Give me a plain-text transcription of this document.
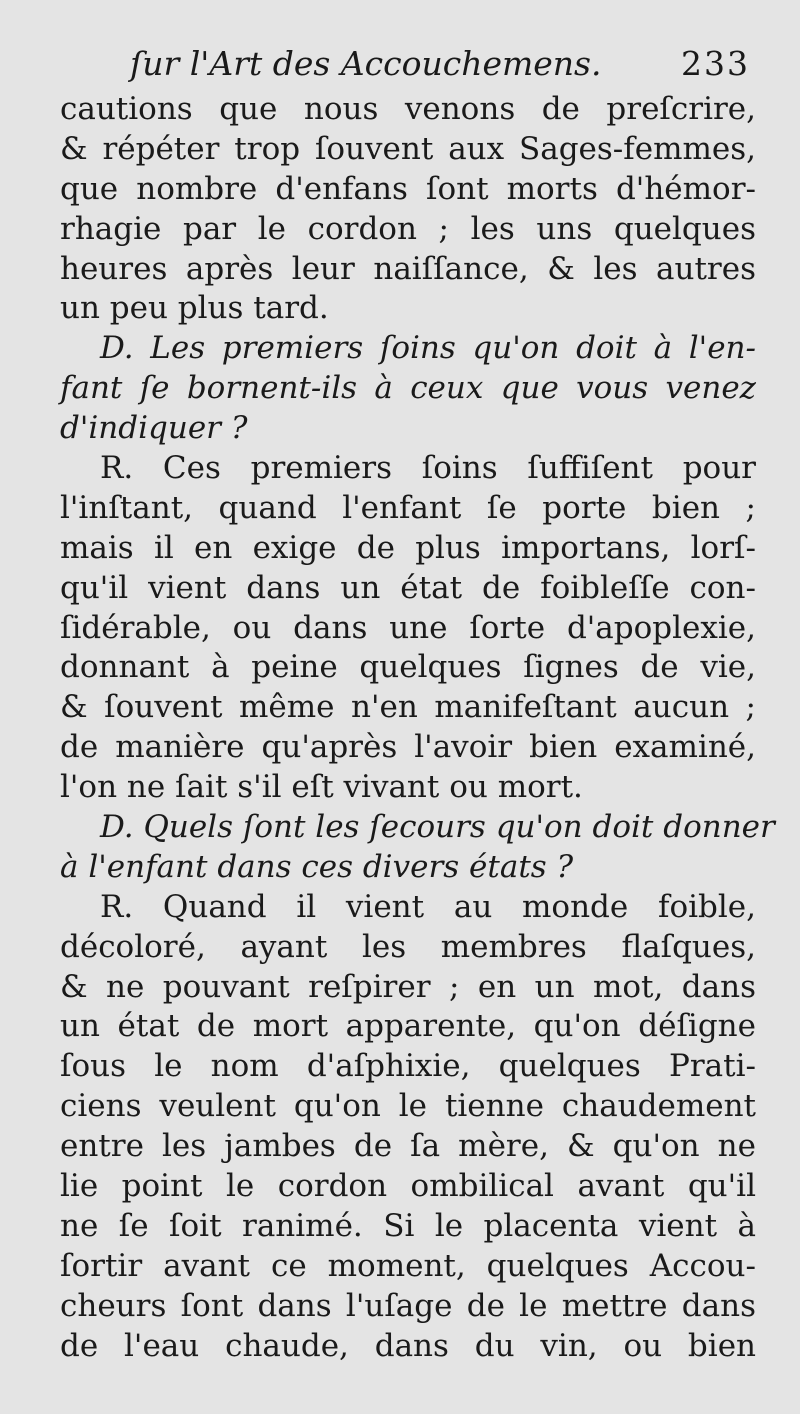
ſur l'Art des Accouchemens. 233
cautions que nous venons de preſcrire,
& répéter trop ſouvent aux Sages-femmes,
que nombre d'enfans ſont morts d'hémor-
rhagie par le cordon ; les uns quelques
heures après leur naiſſance, & les autres
un peu plus tard.
D. Les premiers ſoins qu'on doit à l'en-
fant ſe bornent-ils à ceux que vous venez
d'indiquer ?
R. Ces premiers ſoins ſuffiſent pour
l'inſtant, quand l'enfant ſe porte bien ;
mais il en exige de plus importans, lorſ-
qu'il vient dans un état de foibleſſe con-
ſidérable, ou dans une ſorte d'apoplexie,
donnant à peine quelques ſignes de vie,
& ſouvent même n'en manifeſtant aucun ;
de manière qu'après l'avoir bien examiné,
l'on ne ſait s'il eſt vivant ou mort.
D. Quels ſont les ſecours qu'on doit donner
à l'enfant dans ces divers états ?
R. Quand il vient au monde foible,
décoloré, ayant les membres flaſques,
& ne pouvant reſpirer ; en un mot, dans
un état de mort apparente, qu'on déſigne
ſous le nom d'aſphixie, quelques Prati-
ciens veulent qu'on le tienne chaudement
entre les jambes de ſa mère, & qu'on ne
lie point le cordon ombilical avant qu'il
ne ſe ſoit ranimé. Si le placenta vient à
ſortir avant ce moment, quelques Accou-
cheurs ſont dans l'uſage de le mettre dans
de l'eau chaude, dans du vin, ou bien
